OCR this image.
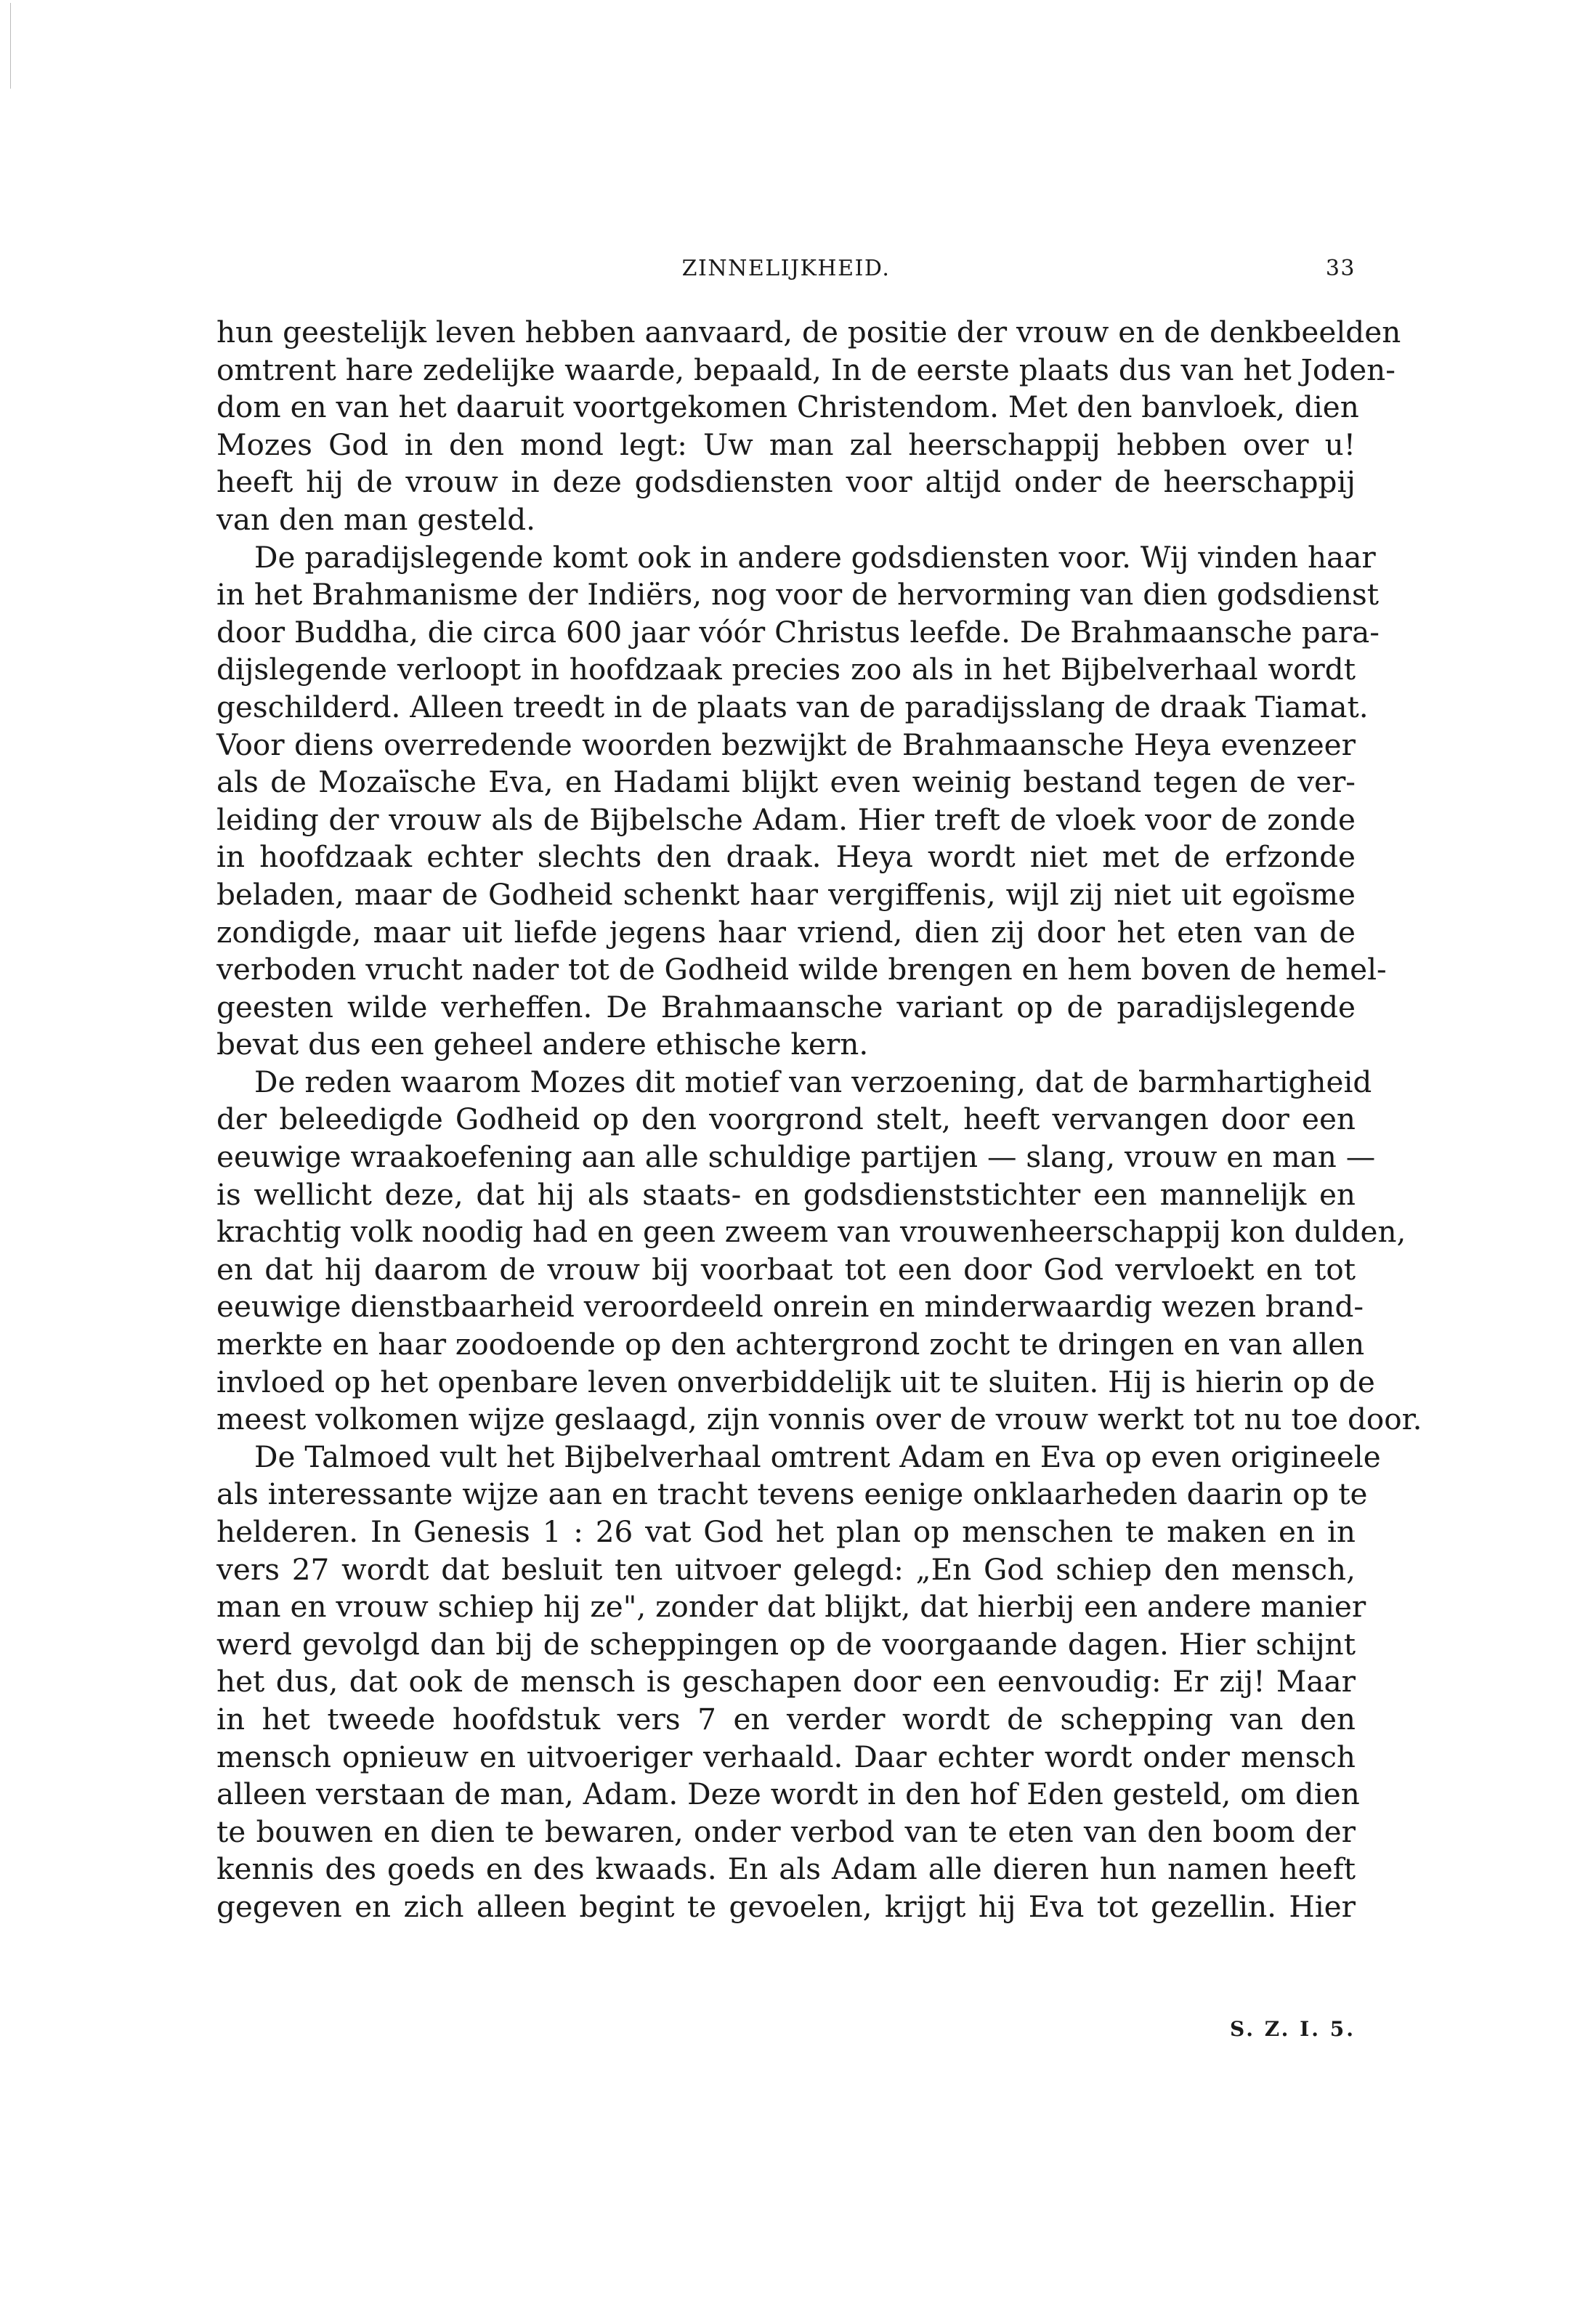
ZINNELIJKHEID.	33
hun geestelijk leven hebben aanvaard, de positie der vrouw en de denkbeelden
omtrent hare zedelijke waarde, bepaald, In de eerste plaats dus van het Joden-
dom en van het daaruit voortgekomen Christendom. Met den banvloek, dien
Mozes God in den mond legt: Uw man zal heerschappij hebben over u!
heeft hij de vrouw in deze godsdiensten voor altijd onder de heerschappij
van den man gesteld.
De paradijslegende komt ook in andere godsdiensten voor. Wij vinden haar
in het Brahmanisme der Indiërs, nog voor de hervorming van dien godsdienst
door Buddha, die circa 600 jaar vóór Christus leefde. De Brahmaansche para-
dijslegende verloopt in hoofdzaak precies zoo als in het Bijbelverhaal wordt
geschilderd. Alleen treedt in de plaats van de paradijsslang de draak Tiamat.
Voor diens overredende woorden bezwijkt de Brahmaansche Heya evenzeer
als de Mozaïsche Eva, en Hadami blijkt even weinig bestand tegen de ver-
leiding der vrouw als de Bijbelsche Adam. Hier treft de vloek voor de zonde
in hoofdzaak echter slechts den draak. Heya wordt niet met de erfzonde
beladen, maar de Godheid schenkt haar vergiffenis, wijl zij niet uit egoïsme
zondigde, maar uit liefde jegens haar vriend, dien zij door het eten van de
verboden vrucht nader tot de Godheid wilde brengen en hem boven de hemel-
geesten wilde verheffen. De Brahmaansche variant op de paradijslegende
bevat dus een geheel andere ethische kern.
De reden waarom Mozes dit motief van verzoening, dat de barmhartigheid
der beleedigde Godheid op den voorgrond stelt, heeft vervangen door een
eeuwige wraakoefening aan alle schuldige partijen — slang, vrouw en man —
is wellicht deze, dat hij als staats- en godsdienststichter een mannelijk en
krachtig volk noodig had en geen zweem van vrouwenheerschappij kon dulden,
en dat hij daarom de vrouw bij voorbaat tot een door God vervloekt en tot
eeuwige dienstbaarheid veroordeeld onrein en minderwaardig wezen brand-
merkte en haar zoodoende op den achtergrond zocht te dringen en van allen
invloed op het openbare leven onverbiddelijk uit te sluiten. Hij is hierin op de
meest volkomen wijze geslaagd, zijn vonnis over de vrouw werkt tot nu toe door.
De Talmoed vult het Bijbelverhaal omtrent Adam en Eva op even origineele
als interessante wijze aan en tracht tevens eenige onklaarheden daarin op te
helderen. In Genesis 1 : 26 vat God het plan op menschen te maken en in
vers 27 wordt dat besluit ten uitvoer gelegd: „En God schiep den mensch,
man en vrouw schiep hij ze", zonder dat blijkt, dat hierbij een andere manier
werd gevolgd dan bij de scheppingen op de voorgaande dagen. Hier schijnt
het dus, dat ook de mensch is geschapen door een eenvoudig: Er zij! Maar
in het tweede hoofdstuk vers 7 en verder wordt de schepping van den
mensch opnieuw en uitvoeriger verhaald. Daar echter wordt onder mensch
alleen verstaan de man, Adam. Deze wordt in den hof Eden gesteld, om dien
te bouwen en dien te bewaren, onder verbod van te eten van den boom der
kennis des goeds en des kwaads. En als Adam alle dieren hun namen heeft
gegeven en zich alleen begint te gevoelen, krijgt hij Eva tot gezellin. Hier
S. Z. I. 5.
